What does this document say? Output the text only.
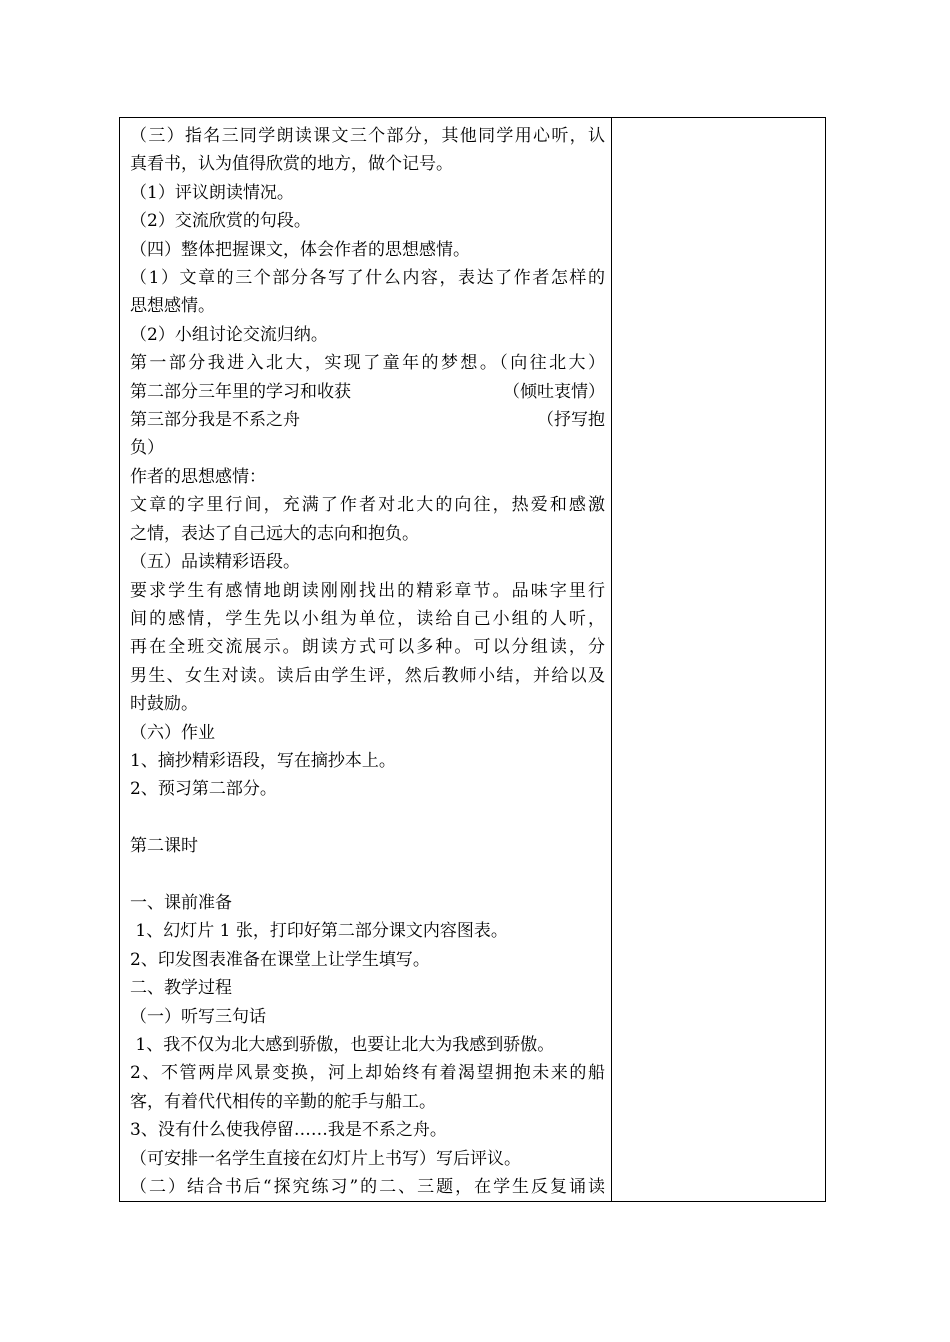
（三）指名三同学朗读课文三个部分，其他同学用心听，认
真看书，认为值得欣赏的地方，做个记号。
（1）评议朗读情况。
（2）交流欣赏的句段。
（四）整体把握课文，体会作者的思想感情。
（1）文章的三个部分各写了什么内容，表达了作者怎样的
思想感情。
（2）小组讨论交流归纳。
第一部分我进入北大，实现了童年的梦想。（向往北大）
第二部分三年里的学习和收获	（倾吐衷情）
第三部分我是不系之舟	（抒写抱
负）
作者的思想感情：
文章的字里行间，充满了作者对北大的向往，热爱和感激
之情，表达了自己远大的志向和抱负。
（五）品读精彩语段。
要求学生有感情地朗读刚刚找出的精彩章节。品味字里行
间的感情，学生先以小组为单位，读给自己小组的人听，
再在全班交流展示。朗读方式可以多种。可以分组读，分
男生、女生对读。读后由学生评，然后教师小结，并给以及
时鼓励。
（六）作业
1、摘抄精彩语段，写在摘抄本上。
2、预习第二部分。
第二课时
一、课前准备
1、幻灯片 1 张，打印好第二部分课文内容图表。
2、印发图表准备在课堂上让学生填写。
二、教学过程
（一）听写三句话
1、我不仅为北大感到骄傲，也要让北大为我感到骄傲。
2、不管两岸风景变换，河上却始终有着渴望拥抱未来的船
客，有着代代相传的辛勤的舵手与船工。
3、没有什么使我停留……我是不系之舟。
（可安排一名学生直接在幻灯片上书写）写后评议。
（二）结合书后“探究练习”的二、三题，在学生反复诵读
